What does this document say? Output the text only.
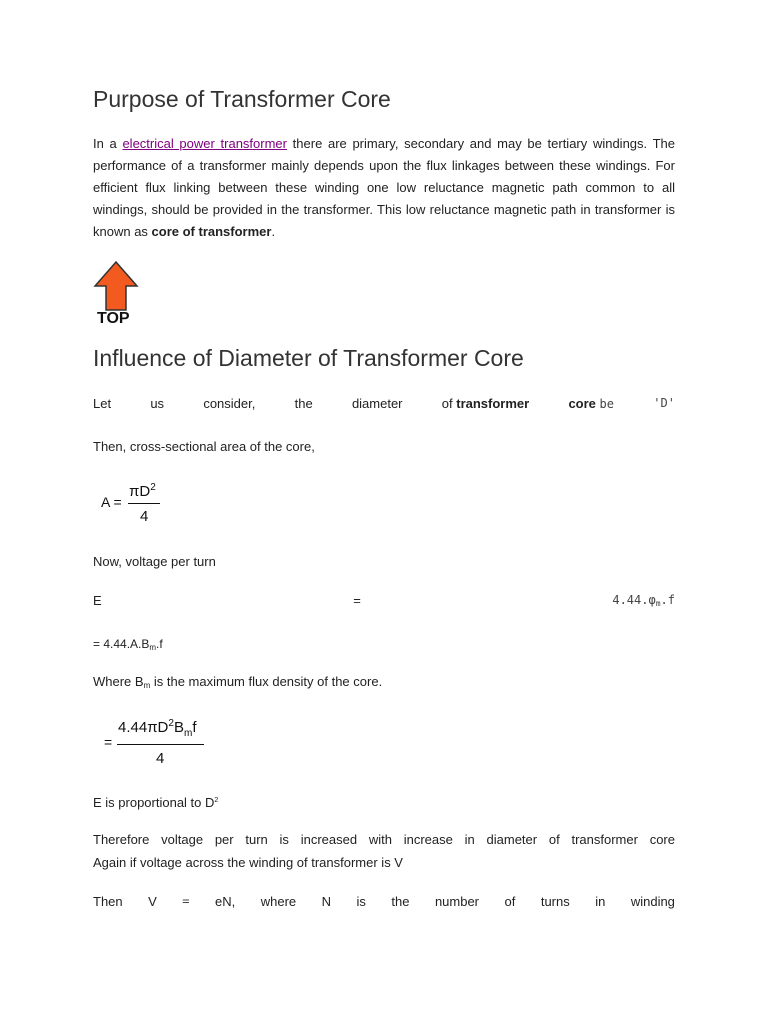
Purpose of Transformer Core
In a electrical power transformer there are primary, secondary and may be tertiary windings. The performance of a transformer mainly depends upon the flux linkages between these windings. For efficient flux linking between these winding one low reluctance magnetic path common to all windings, should be provided in the transformer. This low reluctance magnetic path in transformer is known as core of transformer.
TOP
Influence of Diameter of Transformer Core
Let	us	consider,	the	diameter	of transformer	core be	'D'
Then, cross-sectional area of the core,
A =
$\pi D^2$
4
Now, voltage per turn
E	=	$4.44.\varphi_m.f$
= $4.44.A.B_m.f$
Where $B_m$ is the maximum flux density of the core.
=
$4.44\pi D^2B_mf$
4
E is proportional to $D^2$
Therefore voltage per turn is increased with increase in diameter of transformer core
Again if voltage across the winding of transformer is V
Then V = eN, where N is the number of turns in winding
